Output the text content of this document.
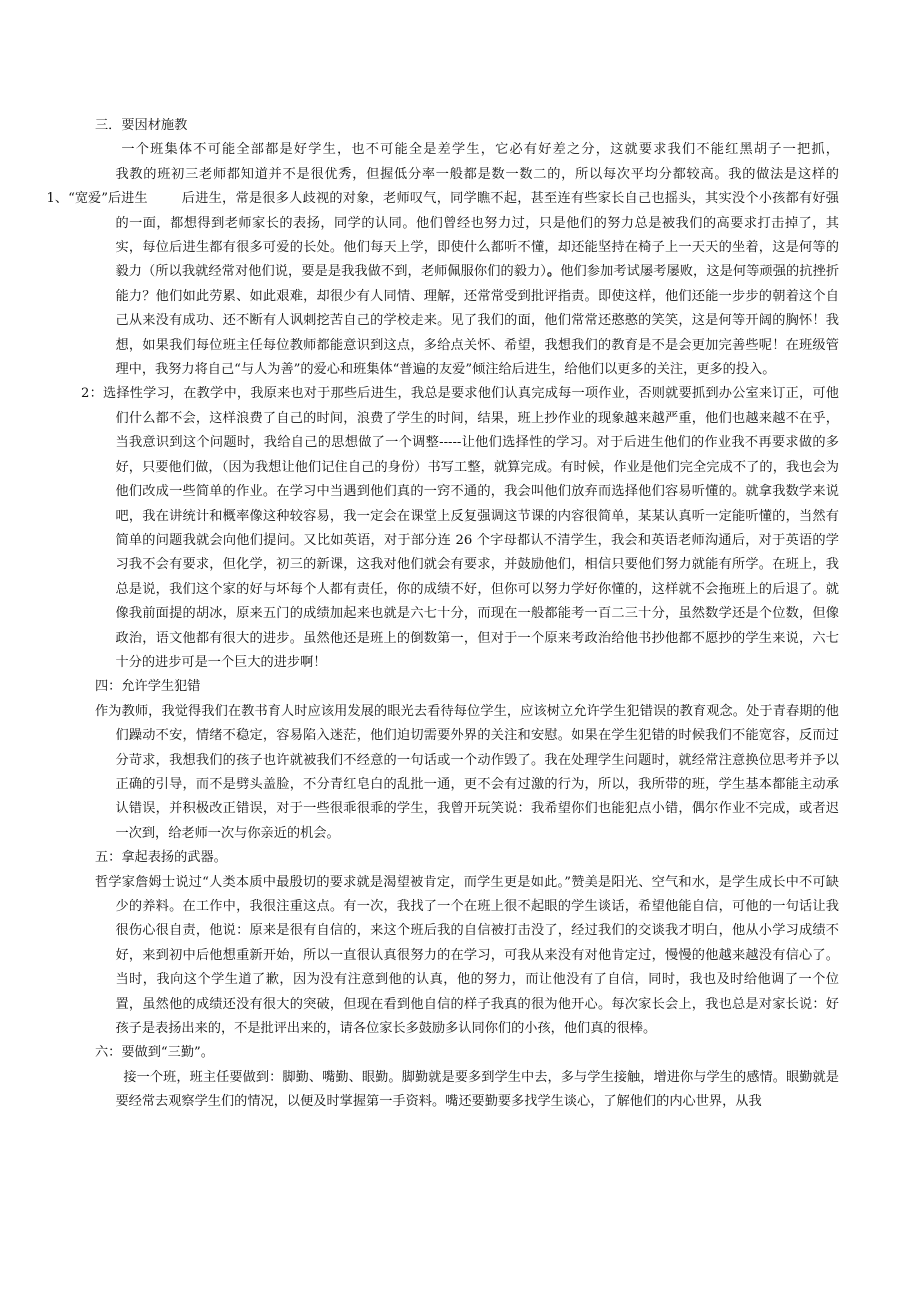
三．要因材施教

一个班集体不可能全部都是好学生，也不可能全是差学生，它必有好差之分，这就要求我们不能红黑胡子一把抓，

我教的班初三老师都知道并不是很优秀，但握低分率一般都是数一数二的，所以每次平均分都较高。我的做法是这样的

1、“宽爱”后进生	后进生，常是很多人歧视的对象，老师叹气，同学瞧不起，甚至连有些家长自己也摇头，其实没个小孩都有好强的一面，都想得到老师家长的表扬，同学的认同。他们曾经也努力过，只是他们的努力总是被我们的高要求打击掉了，其实，每位后进生都有很多可爱的长处。他们每天上学，即使什么都听不懂，却还能坚持在椅子上一天天的坐着，这是何等的毅力（所以我就经常对他们说，要是是我我做不到，老师佩服你们的毅力）。他们参加考试屡考屡败，这是何等顽强的抗挫折能力？他们如此劳累、如此艰难，却很少有人同情、理解，还常常受到批评指责。即使这样，他们还能一步步的朝着这个自己从来没有成功、还不断有人讽刺挖苦自己的学校走来。见了我们的面，他们常常还憨憨的笑笑，这是何等开阔的胸怀！我想，如果我们每位班主任每位教师都能意识到这点，多给点关怀、希望，我想我们的教育是不是会更加完善些呢！在班级管理中，我努力将自己“与人为善”的爱心和班集体“普遍的友爱”倾注给后进生，给他们以更多的关注，更多的投入。

2：选择性学习，在教学中，我原来也对于那些后进生，我总是要求他们认真完成每一项作业，否则就要抓到办公室来订正，可他们什么都不会，这样浪费了自己的时间，浪费了学生的时间，结果，班上抄作业的现象越来越严重，他们也越来越不在乎，当我意识到这个问题时，我给自己的思想做了一个调整-----让他们选择性的学习。对于后进生他们的作业我不再要求做的多好，只要他们做，（因为我想让他们记住自己的身份）书写工整，就算完成。有时候，作业是他们完全完成不了的，我也会为他们改成一些简单的作业。在学习中当遇到他们真的一窍不通的，我会叫他们放弃而选择他们容易听懂的。就拿我数学来说吧，我在讲统计和概率像这种较容易，我一定会在课堂上反复强调这节课的内容很简单，某某认真听一定能听懂的，当然有简单的问题我就会向他们提问。又比如英语，对于部分连 26 个字母都认不清学生，我会和英语老师沟通后，对于英语的学习我不会有要求，但化学，初三的新课，这我对他们就会有要求，并鼓励他们，相信只要他们努力就能有所学。在班上，我总是说，我们这个家的好与坏每个人都有责任，你的成绩不好，但你可以努力学好你懂的，这样就不会拖班上的后退了。就像我前面提的胡冰，原来五门的成绩加起来也就是六七十分，而现在一般都能考一百二三十分，虽然数学还是个位数，但像政治，语文他都有很大的进步。虽然他还是班上的倒数第一，但对于一个原来考政治给他书抄他都不愿抄的学生来说，六七十分的进步可是一个巨大的进步啊！

四：允许学生犯错

作为教师，我觉得我们在教书育人时应该用发展的眼光去看待每位学生，应该树立允许学生犯错误的教育观念。处于青春期的他们躁动不安，情绪不稳定，容易陷入迷茫，他们迫切需要外界的关注和安慰。如果在学生犯错的时候我们不能宽容，反而过分苛求，我想我们的孩子也许就被我们不经意的一句话或一个动作毁了。我在处理学生问题时，就经常注意换位思考并予以正确的引导，而不是劈头盖脸，不分青红皂白的乱批一通，更不会有过激的行为，所以，我所带的班，学生基本都能主动承认错误，并积极改正错误，对于一些很乖很乖的学生，我曾开玩笑说：我希望你们也能犯点小错，偶尔作业不完成，或者迟一次到，给老师一次与你亲近的机会。

五：拿起表扬的武器。

哲学家詹姆士说过“人类本质中最殷切的要求就是渴望被肯定，而学生更是如此。”赞美是阳光、空气和水，是学生成长中不可缺少的养料。在工作中，我很注重这点。有一次，我找了一个在班上很不起眼的学生谈话，希望他能自信，可他的一句话让我很伤心很自责，他说：原来是很有自信的，来这个班后我的自信被打击没了，经过我们的交谈我才明白，他从小学习成绩不好，来到初中后他想重新开始，所以一直很认真很努力的在学习，可我从来没有对他肯定过，慢慢的他越来越没有信心了。当时，我向这个学生道了歉，因为没有注意到他的认真，他的努力，而让他没有了自信，同时，我也及时给他调了一个位置，虽然他的成绩还没有很大的突破，但现在看到他自信的样子我真的很为他开心。每次家长会上，我也总是对家长说：好孩子是表扬出来的，不是批评出来的，请各位家长多鼓励多认同你们的小孩，他们真的很棒。

六：要做到“三勤”。

接一个班，班主任要做到：脚勤、嘴勤、眼勤。脚勤就是要多到学生中去，多与学生接触，增进你与学生的感情。眼勤就是要经常去观察学生们的情况，以便及时掌握第一手资料。嘴还要勤要多找学生谈心，了解他们的内心世界，从我
